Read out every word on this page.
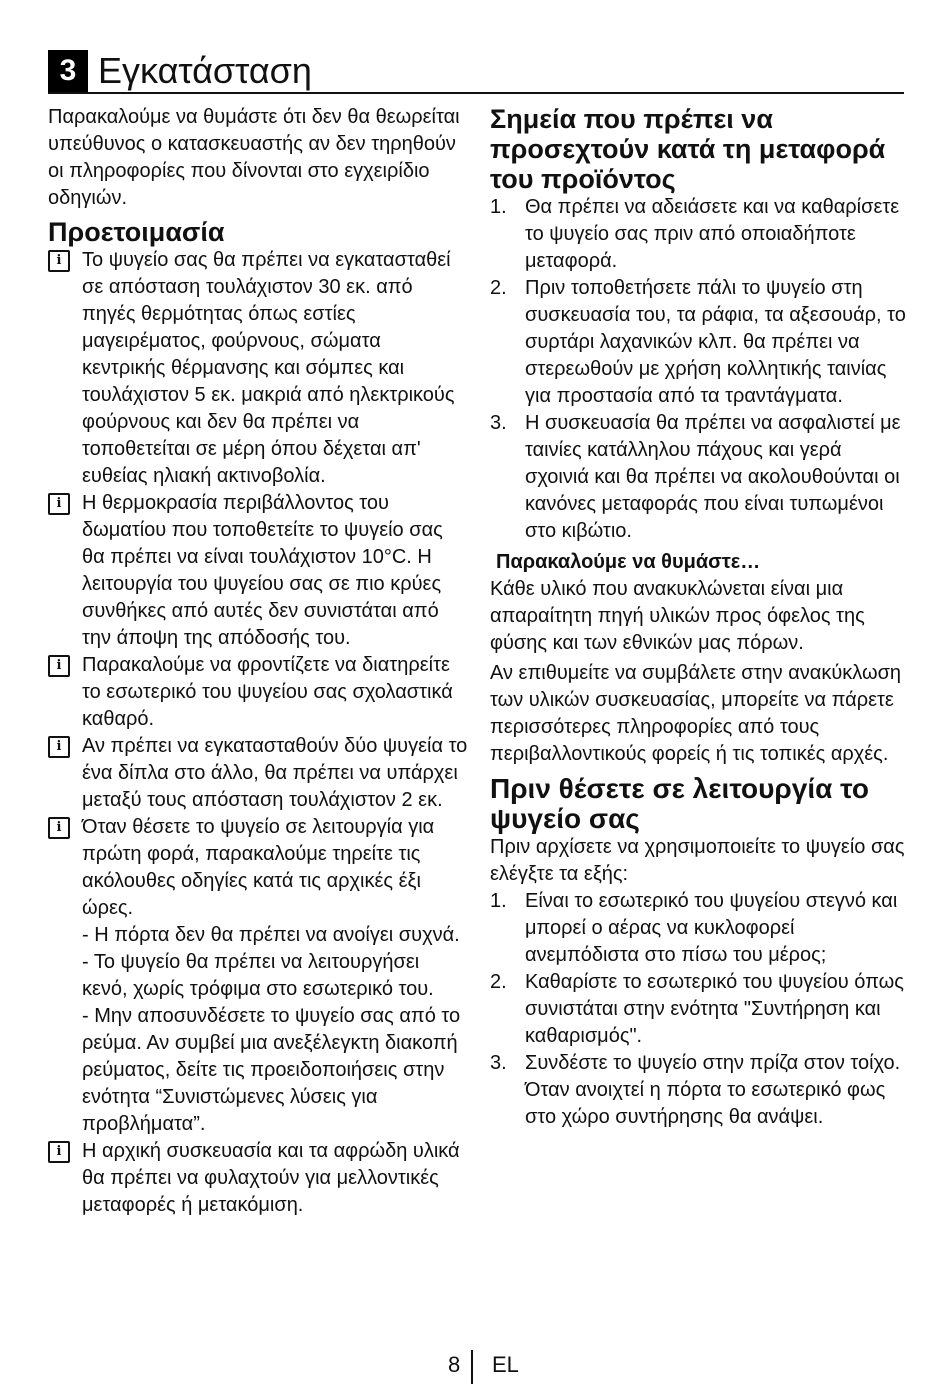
3 Εγκατάσταση

Παρακαλούμε να θυμάστε ότι δεν θα θεωρείται υπεύθυνος ο κατασκευαστής αν δεν τηρηθούν οι πληροφορίες που δίνονται στο εγχειρίδιο οδηγιών.

Προετοιμασία
i	Το ψυγείο σας θα πρέπει να εγκατασταθεί σε απόσταση τουλάχιστον 30 εκ. από πηγές θερμότητας όπως εστίες μαγειρέματος, φούρνους, σώματα κεντρικής θέρμανσης και σόμπες και τουλάχιστον 5 εκ. μακριά από ηλεκτρικούς φούρνους και δεν θα πρέπει να τοποθετείται σε μέρη όπου δέχεται απ' ευθείας ηλιακή ακτινοβολία.
i	Η θερμοκρασία περιβάλλοντος του δωματίου που τοποθετείτε το ψυγείο σας θα πρέπει να είναι τουλάχιστον 10°C. Η λειτουργία του ψυγείου σας σε πιο κρύες συνθήκες από αυτές δεν συνιστάται από την άποψη της απόδοσής του.
i	Παρακαλούμε να φροντίζετε να διατηρείτε το εσωτερικό του ψυγείου σας σχολαστικά καθαρό.
i	Αν πρέπει να εγκατασταθούν δύο ψυγεία το ένα δίπλα στο άλλο, θα πρέπει να υπάρχει μεταξύ τους απόσταση τουλάχιστον 2 εκ.
i	Όταν θέσετε το ψυγείο σε λειτουργία για πρώτη φορά, παρακαλούμε τηρείτε τις ακόλουθες οδηγίες κατά τις αρχικές έξι ώρες.
- Η πόρτα δεν θα πρέπει να ανοίγει συχνά.
- Το ψυγείο θα πρέπει να λειτουργήσει κενό, χωρίς τρόφιμα στο εσωτερικό του.
- Μην αποσυνδέσετε το ψυγείο σας από το ρεύμα. Αν συμβεί μια ανεξέλεγκτη διακοπή ρεύματος, δείτε τις προειδοποιήσεις στην ενότητα “Συνιστώμενες λύσεις για προβλήματα”.
i	Η αρχική συσκευασία και τα αφρώδη υλικά θα πρέπει να φυλαχτούν για μελλοντικές μεταφορές ή μετακόμιση.
Σημεία που πρέπει να προσεχτούν κατά τη μεταφορά του προϊόντος
1. Θα πρέπει να αδειάσετε και να καθαρίσετε το ψυγείο σας πριν από οποιαδήποτε μεταφορά.
2. Πριν τοποθετήσετε πάλι το ψυγείο στη συσκευασία του, τα ράφια, τα αξεσουάρ, το συρτάρι λαχανικών κλπ. θα πρέπει να στερεωθούν με χρήση κολλητικής ταινίας για προστασία από τα τραντάγματα.
3. Η συσκευασία θα πρέπει να ασφαλιστεί με ταινίες κατάλληλου πάχους και γερά σχοινιά και θα πρέπει να ακολουθούνται οι κανόνες μεταφοράς που είναι τυπωμένοι στο κιβώτιο.
Παρακαλούμε να θυμάστε…

Κάθε υλικό που ανακυκλώνεται είναι μια απαραίτητη πηγή υλικών προς όφελος της φύσης και των εθνικών μας πόρων.

Αν επιθυμείτε να συμβάλετε στην ανακύκλωση των υλικών συσκευασίας, μπορείτε να πάρετε περισσότερες πληροφορίες από τους περιβαλλοντικούς φορείς ή τις τοπικές αρχές.

Πριν θέσετε σε λειτουργία το ψυγείο σας

Πριν αρχίσετε να χρησιμοποιείτε το ψυγείο σας ελέγξτε τα εξής:

1. Είναι το εσωτερικό του ψυγείου στεγνό και μπορεί ο αέρας να κυκλοφορεί ανεμπόδιστα στο πίσω του μέρος;
2. Καθαρίστε το εσωτερικό του ψυγείου όπως συνιστάται στην ενότητα "Συντήρηση και καθαρισμός".
3. Συνδέστε το ψυγείο στην πρίζα στον τοίχο. Όταν ανοιχτεί η πόρτα το εσωτερικό φως στο χώρο συντήρησης θα ανάψει.
8 EL
